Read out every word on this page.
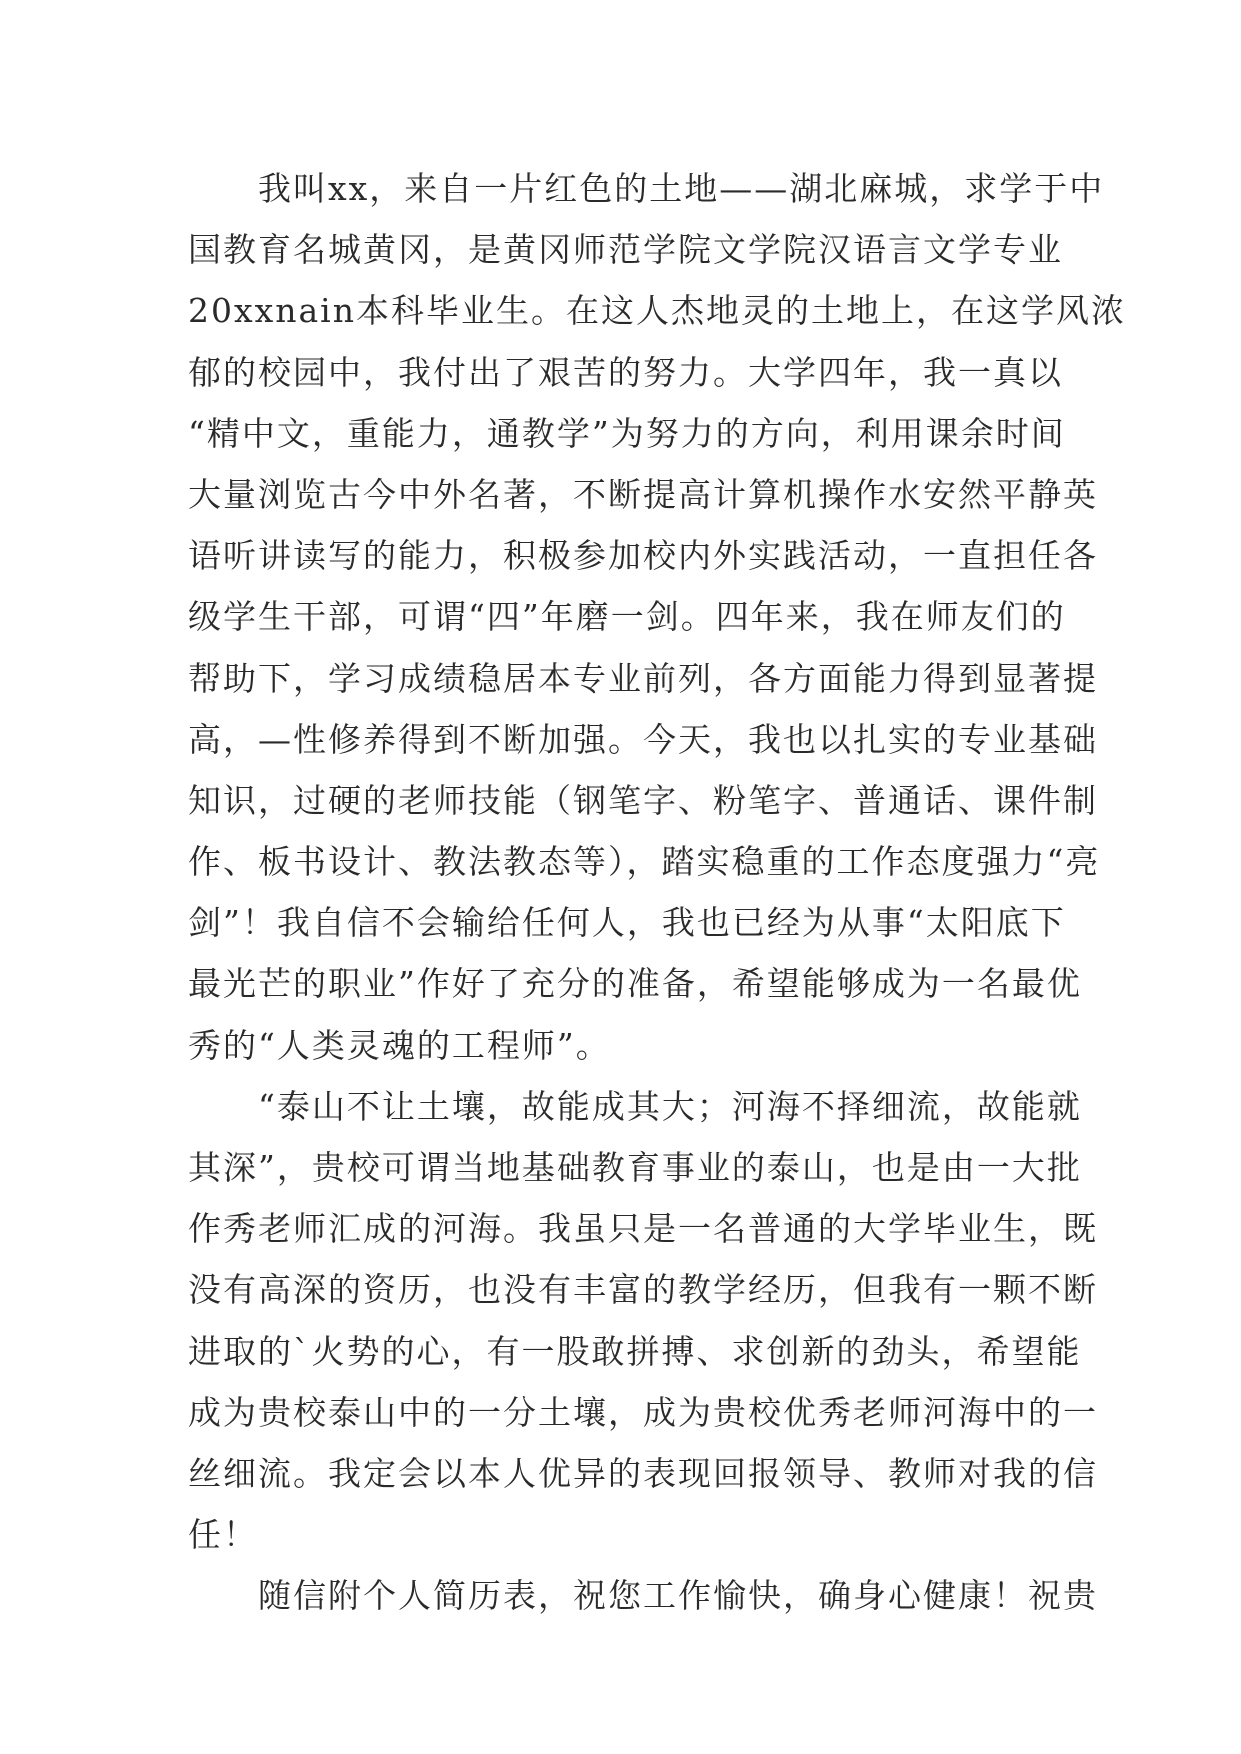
我叫xx，来自一片红色的土地——湖北麻城，求学于中
国教育名城黄冈，是黄冈师范学院文学院汉语言文学专业
20xxnain本科毕业生。在这人杰地灵的土地上，在这学风浓
郁的校园中，我付出了艰苦的努力。大学四年，我一真以
“精中文，重能力，通教学”为努力的方向，利用课余时间
大量浏览古今中外名著，不断提高计算机操作水安然平静英
语听讲读写的能力，积极参加校内外实践活动，一直担任各
级学生干部，可谓“四”年磨一剑。四年来，我在师友们的
帮助下，学习成绩稳居本专业前列，各方面能力得到显著提
高，—性修养得到不断加强。今天，我也以扎实的专业基础
知识，过硬的老师技能（钢笔字、粉笔字、普通话、课件制
作、板书设计、教法教态等），踏实稳重的工作态度强力“亮
剑”！我自信不会输给任何人，我也已经为从事“太阳底下
最光芒的职业”作好了充分的准备，希望能够成为一名最优
秀的“人类灵魂的工程师”。
“泰山不让土壤，故能成其大；河海不择细流，故能就
其深”，贵校可谓当地基础教育事业的泰山，也是由一大批
作秀老师汇成的河海。我虽只是一名普通的大学毕业生，既
没有高深的资历，也没有丰富的教学经历，但我有一颗不断
进取的`火势的心，有一股敢拼搏、求创新的劲头，希望能
成为贵校泰山中的一分土壤，成为贵校优秀老师河海中的一
丝细流。我定会以本人优异的表现回报领导、教师对我的信
任！
随信附个人简历表，祝您工作愉快，确身心健康！祝贵
